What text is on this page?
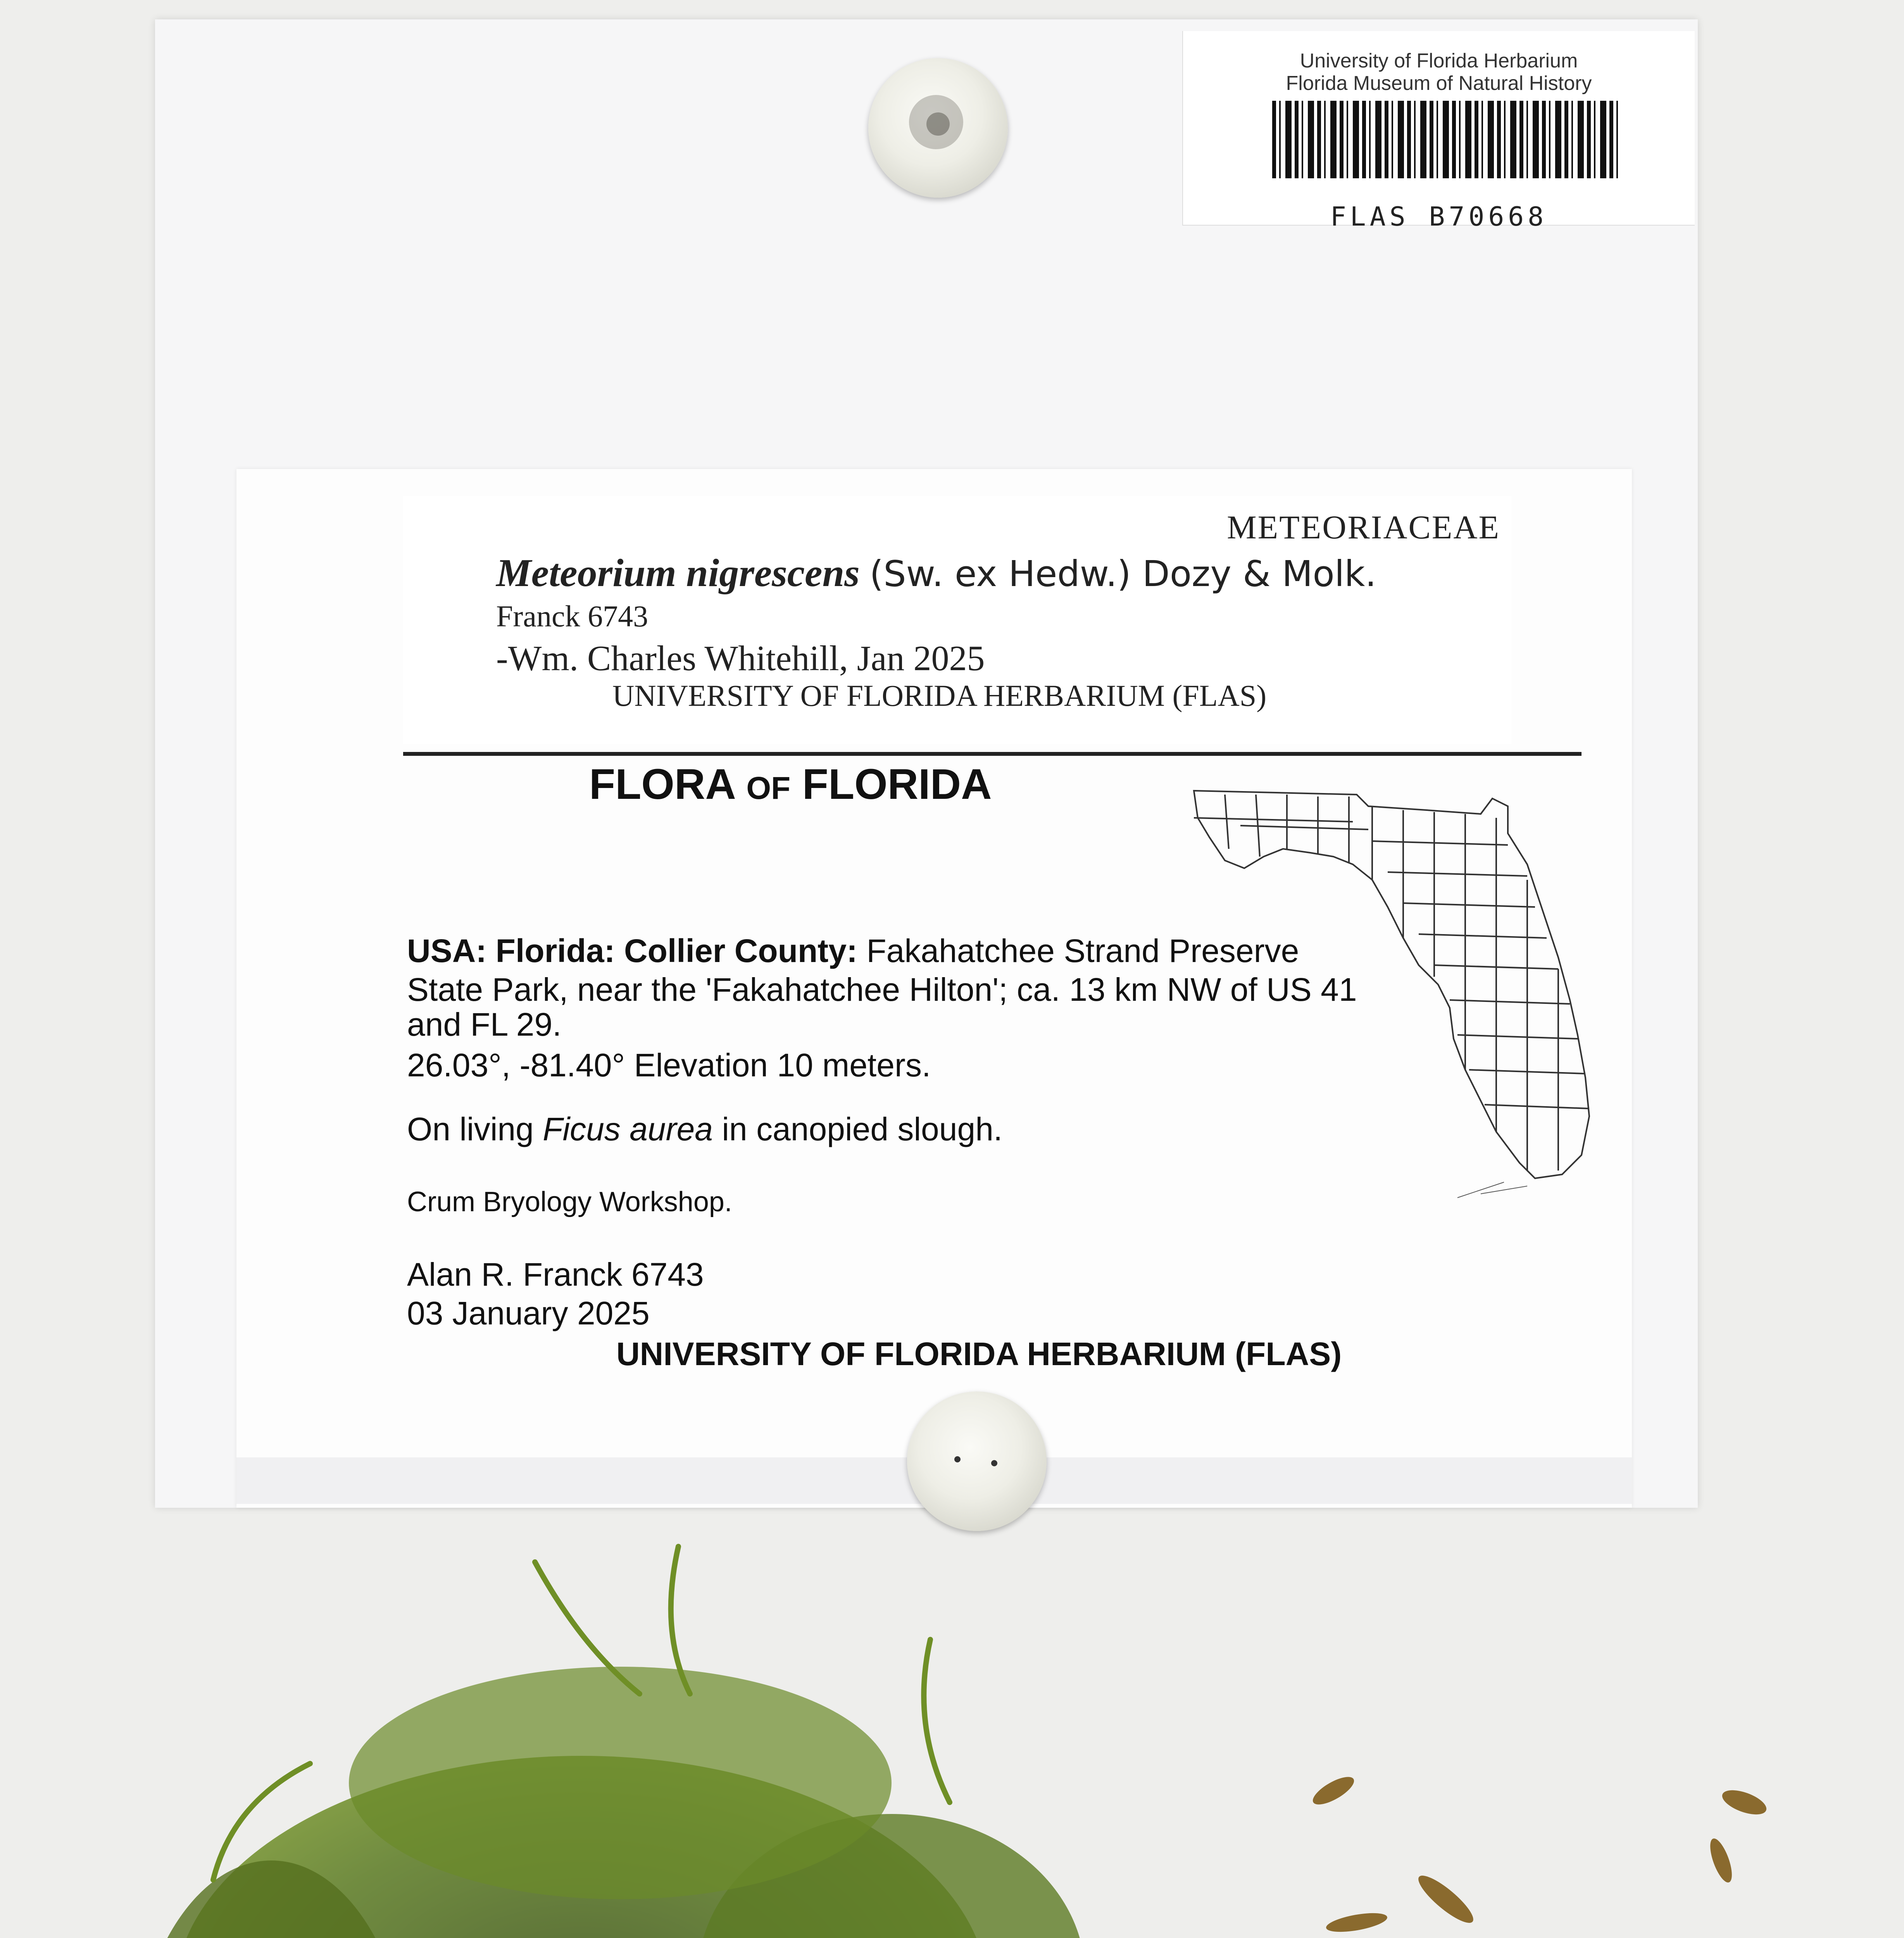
University of Florida Herbarium
Florida Museum of Natural History
FLAS B70668
METEORIACEAE
Meteorium nigrescens (Sw. ex Hedw.) Dozy & Molk.
Franck 6743
-Wm. Charles Whitehill, Jan 2025
UNIVERSITY OF FLORIDA HERBARIUM (FLAS)
FLORA OF FLORIDA
USA: Florida: Collier County: Fakahatchee Strand Preserve
State Park, near the 'Fakahatchee Hilton'; ca. 13 km NW of US 41
and FL 29.
26.03°, -81.40° Elevation 10 meters.
On living Ficus aurea in canopied slough.
Crum Bryology Workshop.
Alan R. Franck 6743
03 January 2025
UNIVERSITY OF FLORIDA HERBARIUM (FLAS)
